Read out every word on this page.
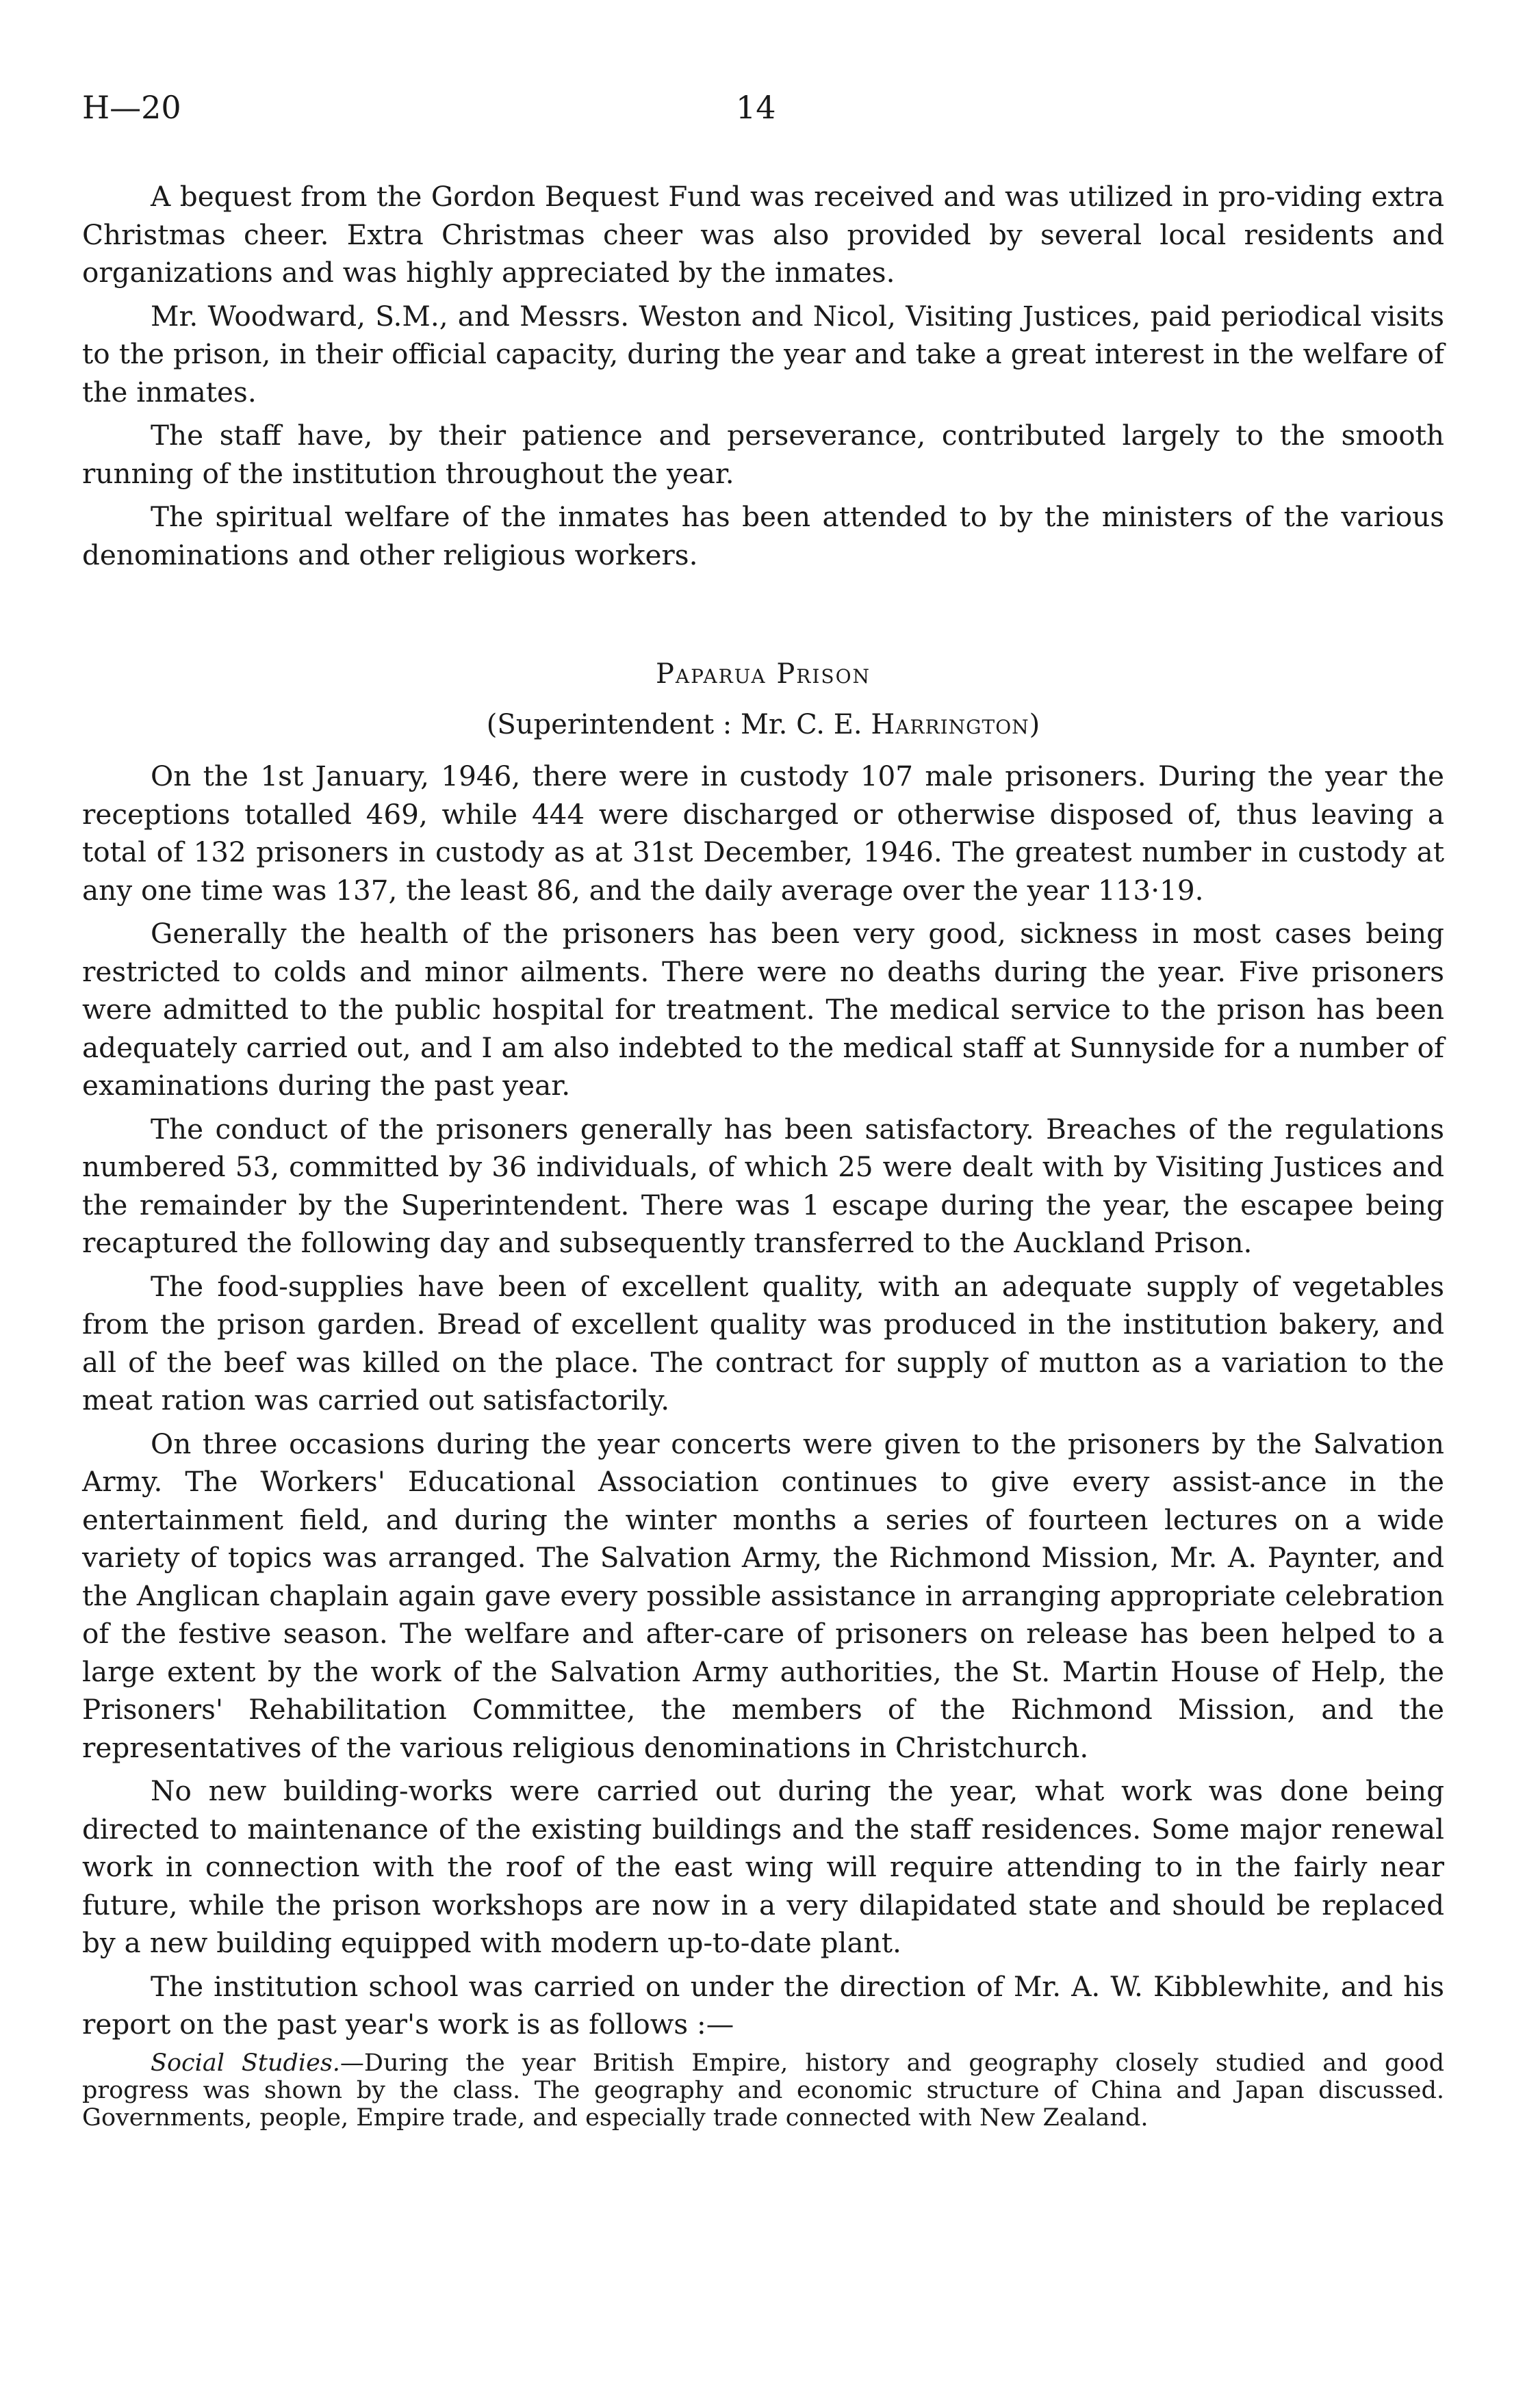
H—20	14

A bequest from the Gordon Bequest Fund was received and was utilized in pro-viding extra Christmas cheer. Extra Christmas cheer was also provided by several local residents and organizations and was highly appreciated by the inmates.

Mr. Woodward, S.M., and Messrs. Weston and Nicol, Visiting Justices, paid periodical visits to the prison, in their official capacity, during the year and take a great interest in the welfare of the inmates.

The staff have, by their patience and perseverance, contributed largely to the smooth running of the institution throughout the year.

The spiritual welfare of the inmates has been attended to by the ministers of the various denominations and other religious workers.

Paparua Prison
(Superintendent : Mr. C. E. Harrington)

On the 1st January, 1946, there were in custody 107 male prisoners. During the year the receptions totalled 469, while 444 were discharged or otherwise disposed of, thus leaving a total of 132 prisoners in custody as at 31st December, 1946. The greatest number in custody at any one time was 137, the least 86, and the daily average over the year 113·19.

Generally the health of the prisoners has been very good, sickness in most cases being restricted to colds and minor ailments. There were no deaths during the year. Five prisoners were admitted to the public hospital for treatment. The medical service to the prison has been adequately carried out, and I am also indebted to the medical staff at Sunnyside for a number of examinations during the past year.

The conduct of the prisoners generally has been satisfactory. Breaches of the regulations numbered 53, committed by 36 individuals, of which 25 were dealt with by Visiting Justices and the remainder by the Superintendent. There was 1 escape during the year, the escapee being recaptured the following day and subsequently transferred to the Auckland Prison.

The food-supplies have been of excellent quality, with an adequate supply of vegetables from the prison garden. Bread of excellent quality was produced in the institution bakery, and all of the beef was killed on the place. The contract for supply of mutton as a variation to the meat ration was carried out satisfactorily.

On three occasions during the year concerts were given to the prisoners by the Salvation Army. The Workers' Educational Association continues to give every assist-ance in the entertainment field, and during the winter months a series of fourteen lectures on a wide variety of topics was arranged. The Salvation Army, the Richmond Mission, Mr. A. Paynter, and the Anglican chaplain again gave every possible assistance in arranging appropriate celebration of the festive season. The welfare and after-care of prisoners on release has been helped to a large extent by the work of the Salvation Army authorities, the St. Martin House of Help, the Prisoners' Rehabilitation Committee, the members of the Richmond Mission, and the representatives of the various religious denominations in Christchurch.

No new building-works were carried out during the year, what work was done being directed to maintenance of the existing buildings and the staff residences. Some major renewal work in connection with the roof of the east wing will require attending to in the fairly near future, while the prison workshops are now in a very dilapidated state and should be replaced by a new building equipped with modern up-to-date plant.

The institution school was carried on under the direction of Mr. A. W. Kibblewhite, and his report on the past year's work is as follows :—

Social Studies.—During the year British Empire, history and geography closely studied and good progress was shown by the class. The geography and economic structure of China and Japan discussed. Governments, people, Empire trade, and especially trade connected with New Zealand.
